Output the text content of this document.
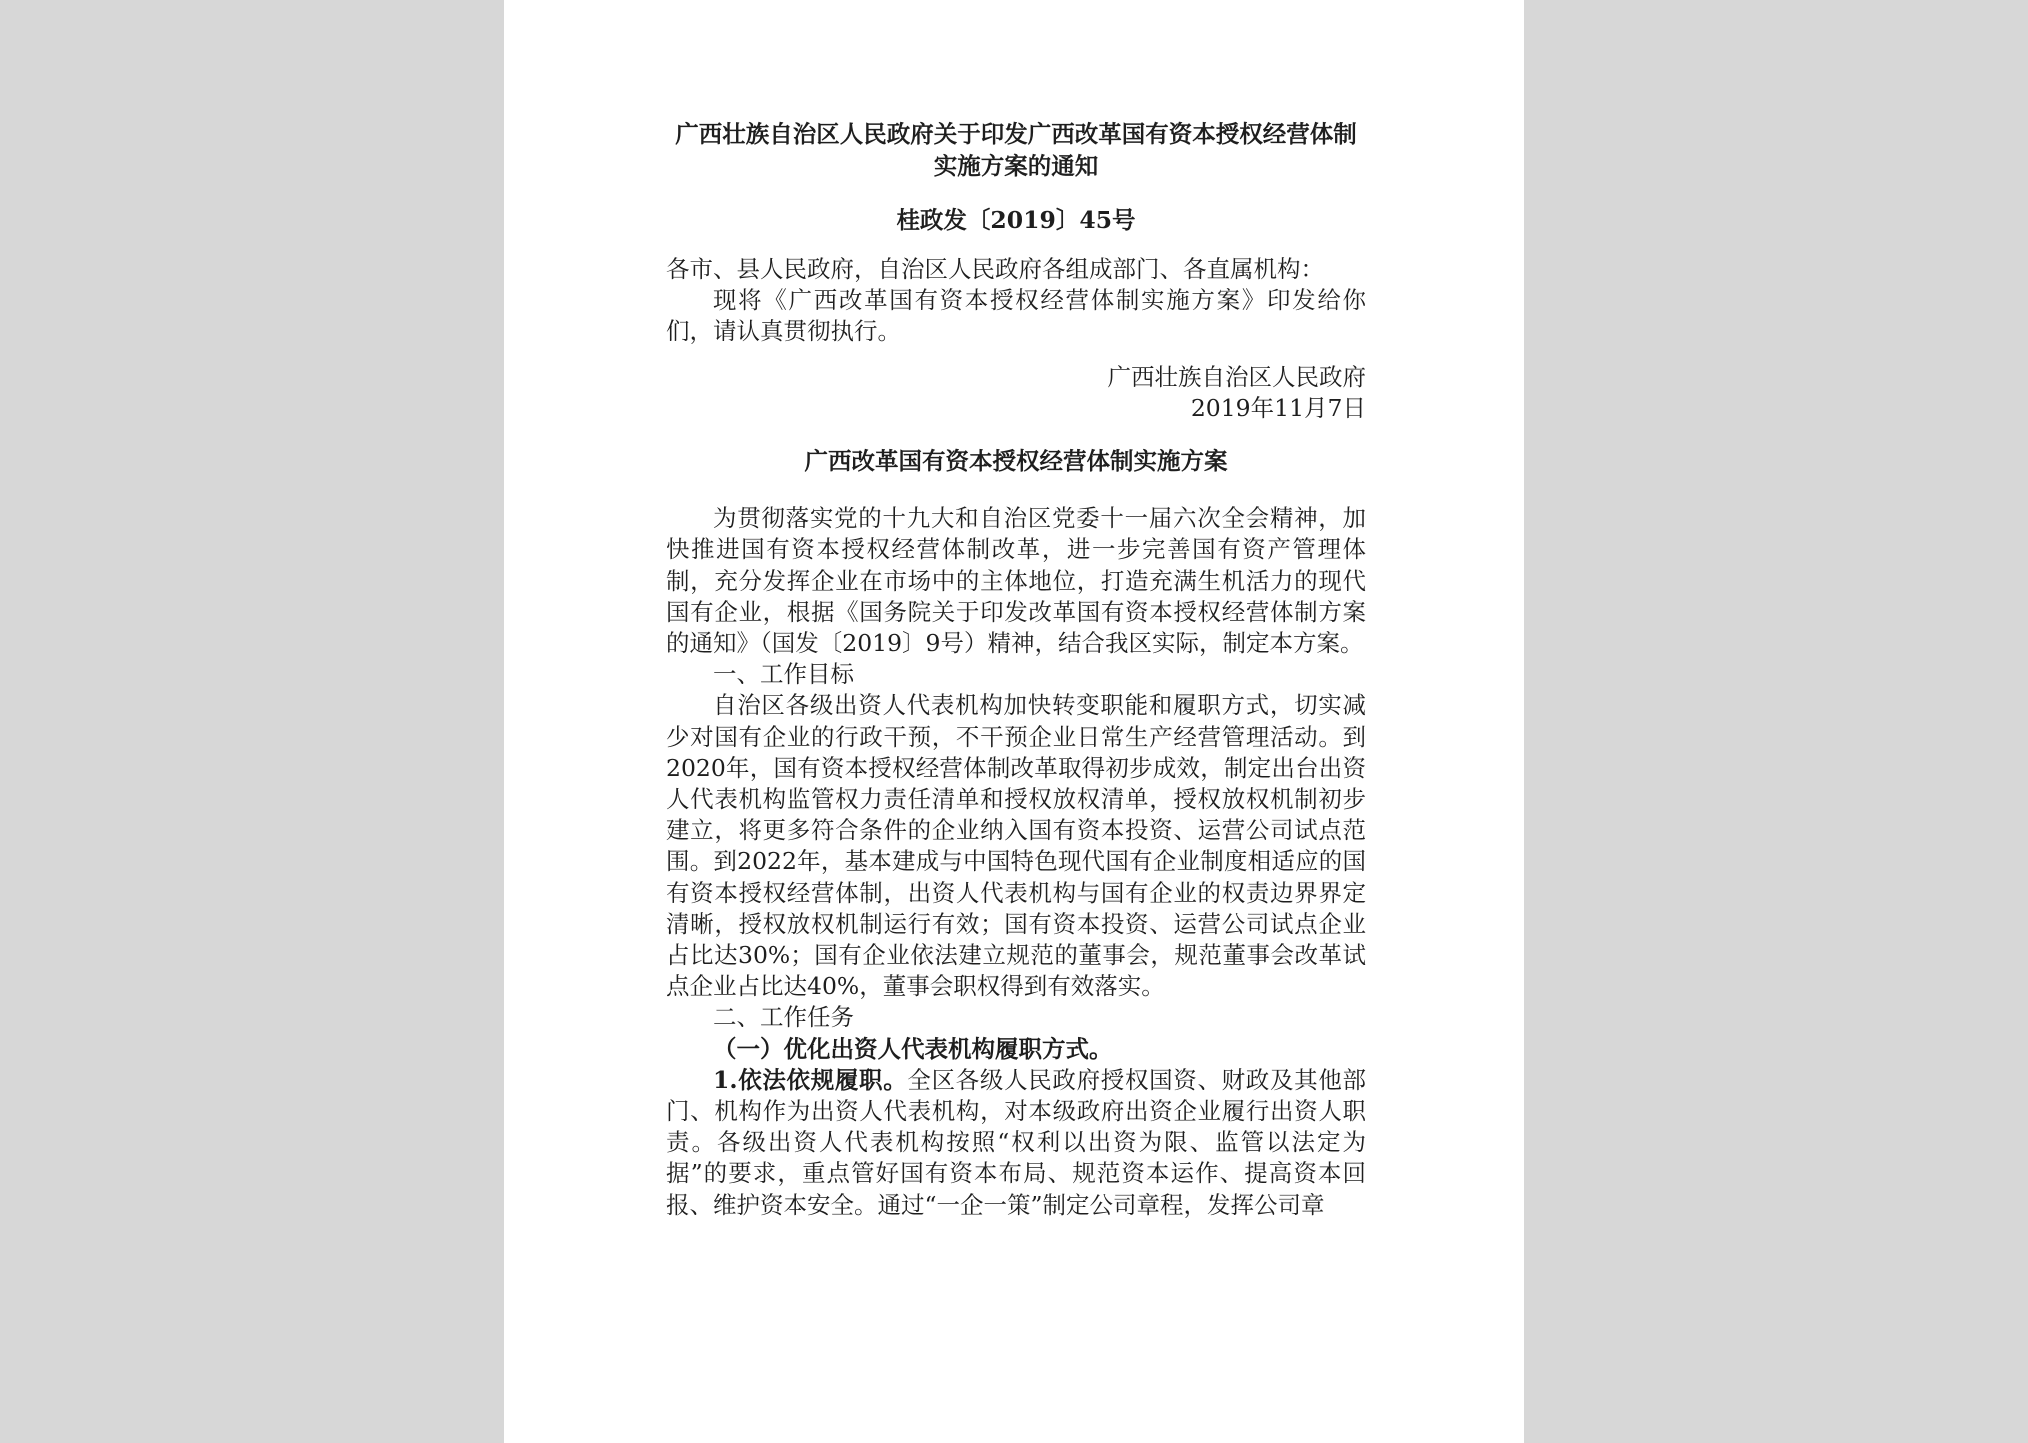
广西壮族自治区人民政府关于印发广西改革国有资本授权经营体制实施方案的通知
桂政发〔2019〕45号

各市、县人民政府，自治区人民政府各组成部门、各直属机构：

现将《广西改革国有资本授权经营体制实施方案》印发给你们，请认真贯彻执行。

广西壮族自治区人民政府

2019年11月7日

广西改革国有资本授权经营体制实施方案

为贯彻落实党的十九大和自治区党委十一届六次全会精神，加快推进国有资本授权经营体制改革，进一步完善国有资产管理体制，充分发挥企业在市场中的主体地位，打造充满生机活力的现代国有企业，根据《国务院关于印发改革国有资本授权经营体制方案的通知》（国发〔2019〕9号）精神，结合我区实际，制定本方案。

一、工作目标

自治区各级出资人代表机构加快转变职能和履职方式，切实减少对国有企业的行政干预，不干预企业日常生产经营管理活动。到2020年，国有资本授权经营体制改革取得初步成效，制定出台出资人代表机构监管权力责任清单和授权放权清单，授权放权机制初步建立，将更多符合条件的企业纳入国有资本投资、运营公司试点范围。到2022年，基本建成与中国特色现代国有企业制度相适应的国有资本授权经营体制，出资人代表机构与国有企业的权责边界界定清晰，授权放权机制运行有效；国有资本投资、运营公司试点企业占比达30%；国有企业依法建立规范的董事会，规范董事会改革试点企业占比达40%，董事会职权得到有效落实。

二、工作任务

（一）优化出资人代表机构履职方式。

1.依法依规履职。全区各级人民政府授权国资、财政及其他部门、机构作为出资人代表机构，对本级政府出资企业履行出资人职责。各级出资人代表机构按照“权利以出资为限、监管以法定为据”的要求，重点管好国有资本布局、规范资本运作、提高资本回报、维护资本安全。通过“一企一策”制定公司章程，发挥公司章
